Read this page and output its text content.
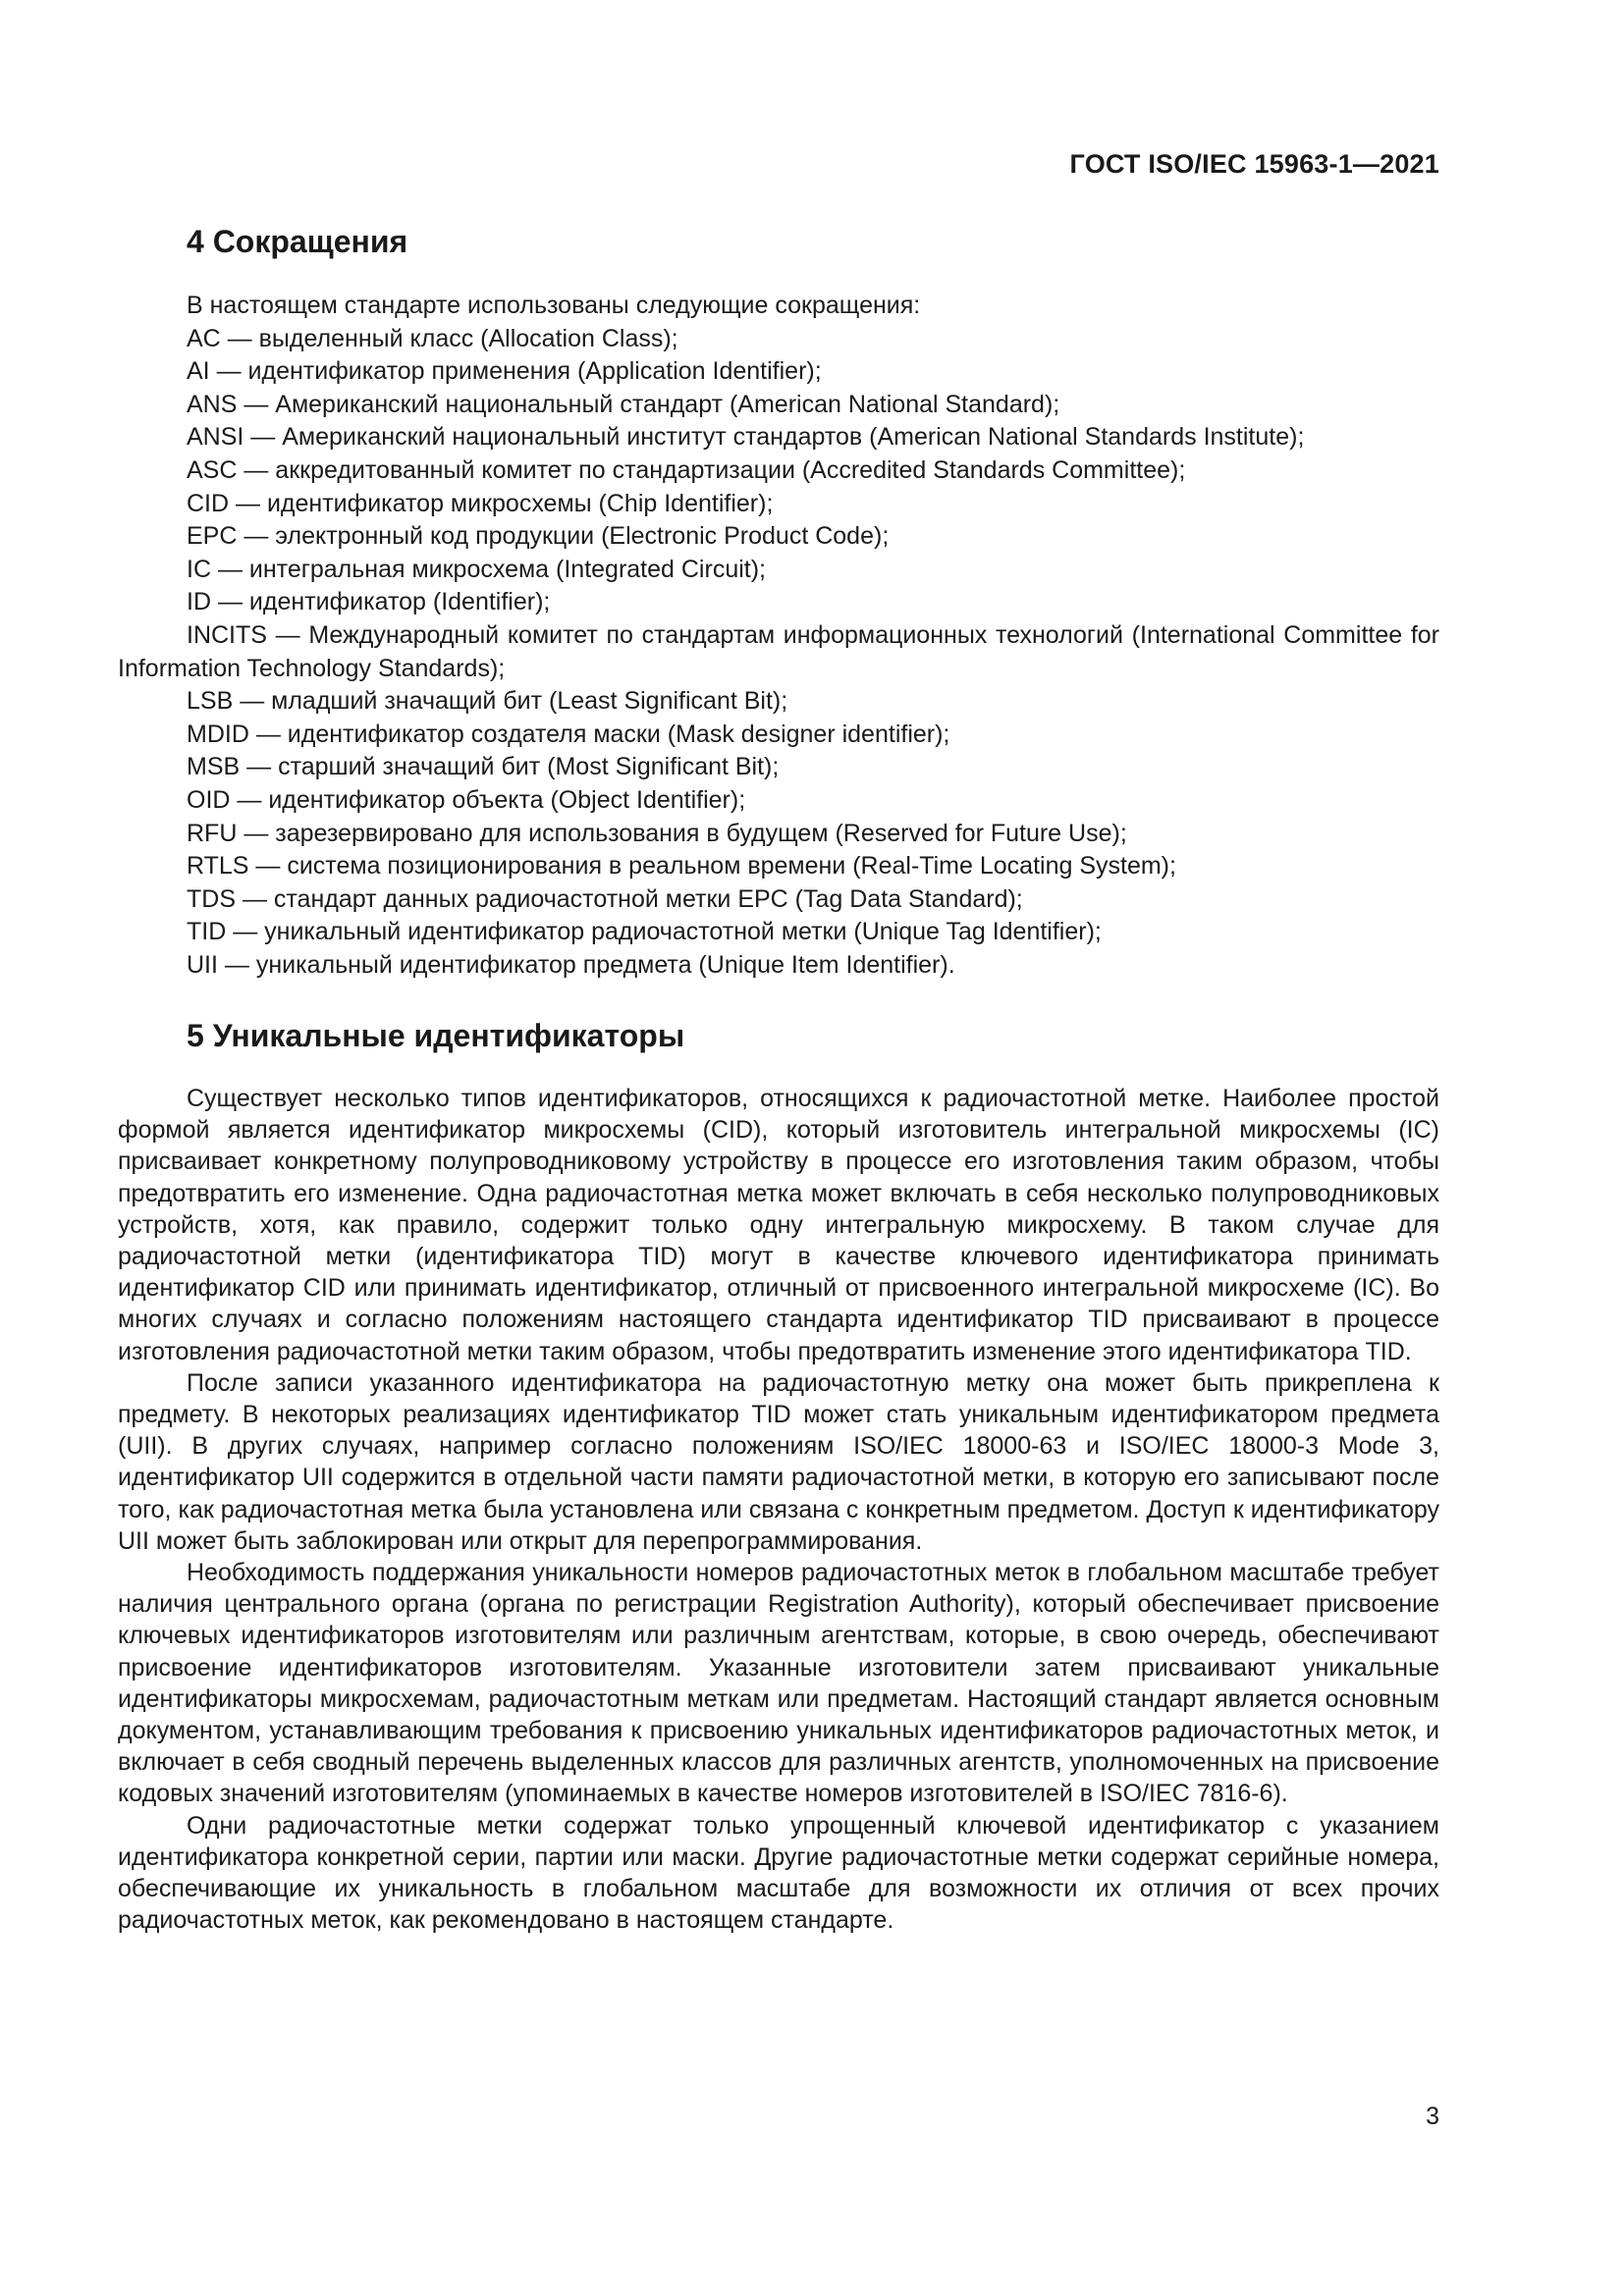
ГОСТ ISO/IEC 15963-1—2021
4 Сокращения
В настоящем стандарте использованы следующие сокращения:
AC — выделенный класс (Allocation Class);
AI — идентификатор применения (Application Identifier);
ANS — Американский национальный стандарт (American National Standard);
ANSI — Американский национальный институт стандартов (American National Standards Institute);
ASC — аккредитованный комитет по стандартизации (Accredited Standards Committee);
CID — идентификатор микросхемы (Chip Identifier);
EPC — электронный код продукции (Electronic Product Code);
IC — интегральная микросхема (Integrated Circuit);
ID — идентификатор (Identifier);
INCITS — Международный комитет по стандартам информационных технологий (International Committee for Information Technology Standards);
LSB — младший значащий бит (Least Significant Bit);
MDID — идентификатор создателя маски (Mask designer identifier);
MSB — старший значащий бит (Most Significant Bit);
OID — идентификатор объекта (Object Identifier);
RFU — зарезервировано для использования в будущем (Reserved for Future Use);
RTLS — система позиционирования в реальном времени (Real-Time Locating System);
TDS — стандарт данных радиочастотной метки EPC (Tag Data Standard);
TID — уникальный идентификатор радиочастотной метки (Unique Tag Identifier);
UII — уникальный идентификатор предмета (Unique Item Identifier).
5 Уникальные идентификаторы

Существует несколько типов идентификаторов, относящихся к радиочастотной метке. Наиболее простой формой является идентификатор микросхемы (CID), который изготовитель интегральной микросхемы (IC) присваивает конкретному полупроводниковому устройству в процессе его изготовления таким образом, чтобы предотвратить его изменение. Одна радиочастотная метка может включать в себя несколько полупроводниковых устройств, хотя, как правило, содержит только одну интегральную микросхему. В таком случае для радиочастотной метки (идентификатора TID) могут в качестве ключевого идентификатора принимать идентификатор CID или принимать идентификатор, отличный от присвоенного интегральной микросхеме (IC). Во многих случаях и согласно положениям настоящего стандарта идентификатор TID присваивают в процессе изготовления радиочастотной метки таким образом, чтобы предотвратить изменение этого идентификатора TID.

После записи указанного идентификатора на радиочастотную метку она может быть прикреплена к предмету. В некоторых реализациях идентификатор TID может стать уникальным идентификатором предмета (UII). В других случаях, например согласно положениям ISO/IEC 18000-63 и ISO/IEC 18000-3 Mode 3, идентификатор UII содержится в отдельной части памяти радиочастотной метки, в которую его записывают после того, как радиочастотная метка была установлена или связана с конкретным предметом. Доступ к идентификатору UII может быть заблокирован или открыт для перепрограммирования.

Необходимость поддержания уникальности номеров радиочастотных меток в глобальном масштабе требует наличия центрального органа (органа по регистрации Registration Authority), который обеспечивает присвоение ключевых идентификаторов изготовителям или различным агентствам, которые, в свою очередь, обеспечивают присвоение идентификаторов изготовителям. Указанные изготовители затем присваивают уникальные идентификаторы микросхемам, радиочастотным меткам или предметам. Настоящий стандарт является основным документом, устанавливающим требования к присвоению уникальных идентификаторов радиочастотных меток, и включает в себя сводный перечень выделенных классов для различных агентств, уполномоченных на присвоение кодовых значений изготовителям (упоминаемых в качестве номеров изготовителей в ISO/IEC 7816-6).

Одни радиочастотные метки содержат только упрощенный ключевой идентификатор с указанием идентификатора конкретной серии, партии или маски. Другие радиочастотные метки содержат серийные номера, обеспечивающие их уникальность в глобальном масштабе для возможности их отличия от всех прочих радиочастотных меток, как рекомендовано в настоящем стандарте.

3
